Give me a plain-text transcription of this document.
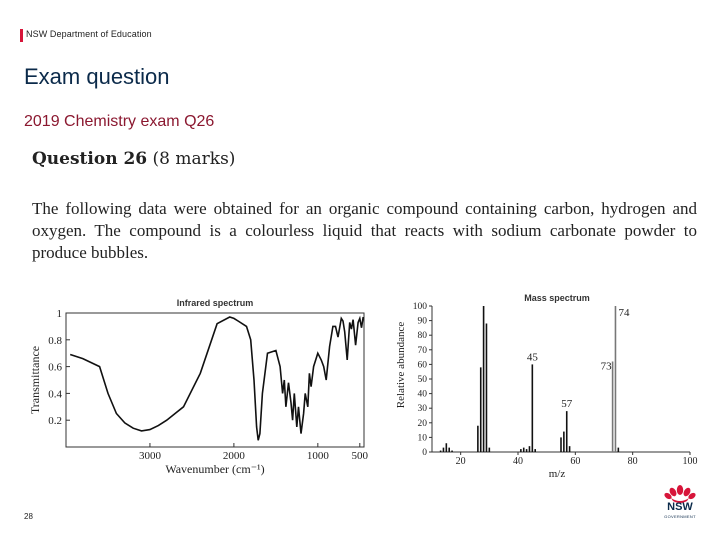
NSW Department of Education
Exam question
2019 Chemistry exam Q26
Question 26 (8 marks)
The following data were obtained for an organic compound containing carbon, hydrogen and oxygen. The compound is a colourless liquid that reacts with sodium carbonate powder to produce bubbles.
Infrared spectrum
3000	2000	1000 500
0.2
0.4
0.6
0.8
1
Wavenumber (cm⁻¹)
Transmittance
Mass spectrum
0
10
20
30
40
50
60
70
80
90
100
20	40	60	80	100
45
57
73
74
m/z
Relative abundance
28
NSW
GOVERNMENT
